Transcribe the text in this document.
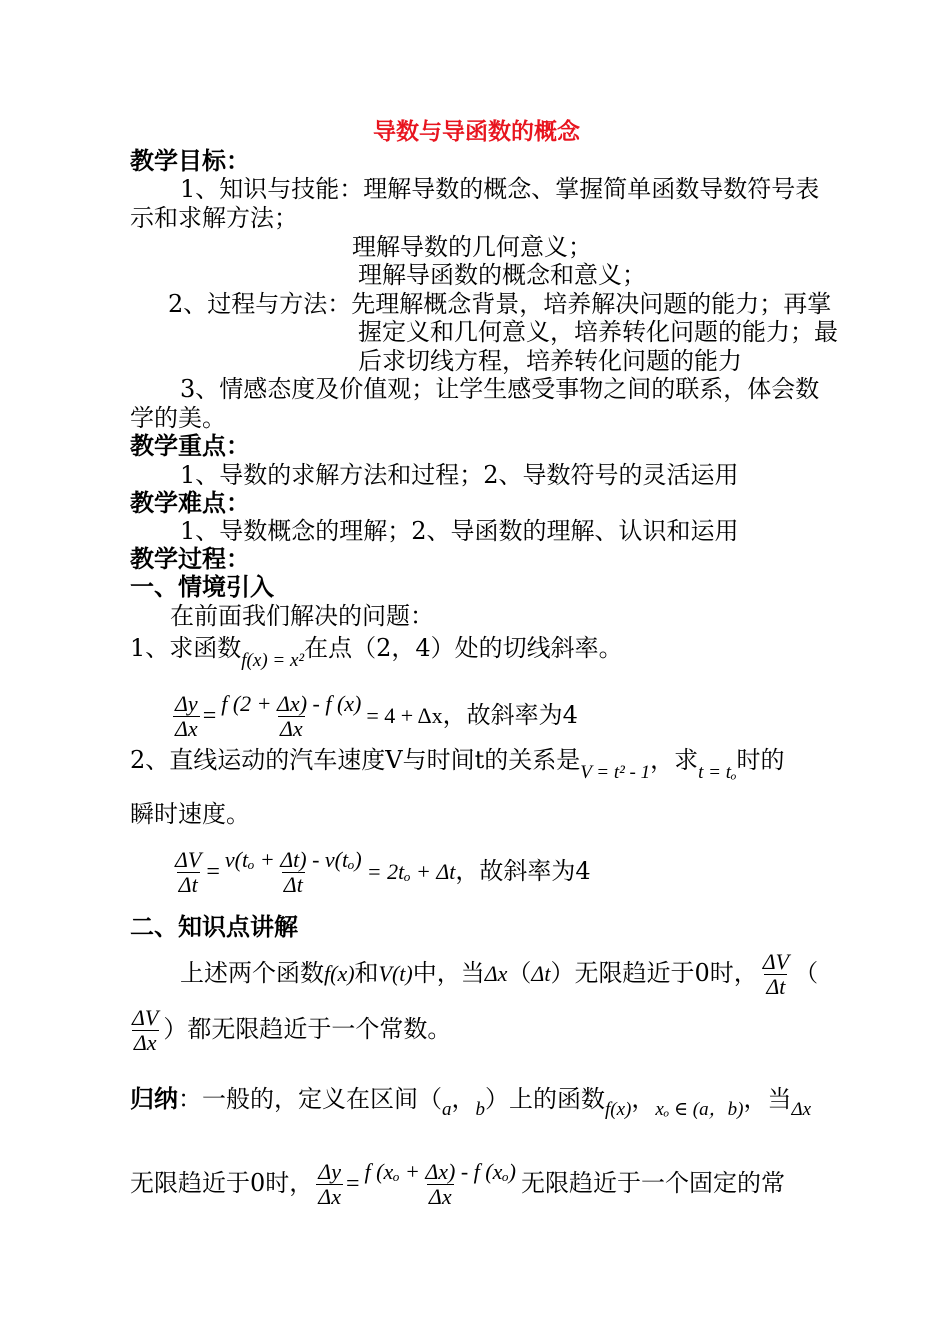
导数与导函数的概念
教学目标：
1、知识与技能：理解导数的概念、掌握简单函数导数符号表
示和求解方法；
理解导数的几何意义；
理解导函数的概念和意义；
2、过程与方法：先理解概念背景，培养解决问题的能力；再掌
握定义和几何意义，培养转化问题的能力；最
后求切线方程，培养转化问题的能力
3、情感态度及价值观；让学生感受事物之间的联系，体会数
学的美。
教学重点：
1、导数的求解方法和过程；2、导数符号的灵活运用
教学难点：
1、导数概念的理解；2、导函数的理解、认识和运用
教学过程：
一、情境引入
在前面我们解决的问题：
1、求函数$_{f(x) = x^2}$在点（2，4）处的切线斜率。
$\frac{\Delta y}{\Delta x} = \frac{f (2 + \Delta x) - f (x)}{\Delta x} = 4 + \Delta x$，故斜率为4
2、直线运动的汽车速度V与时间t的关系是$_{V = t^2 - 1}$，求$_{t = t_o}$时的
瞬时速度。
$\frac{\Delta V}{\Delta t} = \frac{\text{v(tₒ + Δt) - v(tₒ)}}{\Delta t} = 2t_o + \Delta t$，故斜率为4
二、知识点讲解
上述两个函数f(x)和V(t)中，当Δx（Δt）无限趋近于0时， $\frac{\Delta V}{\Delta t}$ （
$\frac{\Delta V}{\Delta x}$ ）都无限趋近于一个常数。
归纳：一般的，定义在区间（$_a$，$_b$）上的函数$_{f(x)}$，$_{x_o \in (a,b)}$，当$_{\Delta x}$
无限趋近于0时， $\frac{\Delta y}{\Delta x} = \frac{\text{f (xₒ + Δx) - f (xₒ)}}{\Delta x}$ 无限趋近于一个固定的常
